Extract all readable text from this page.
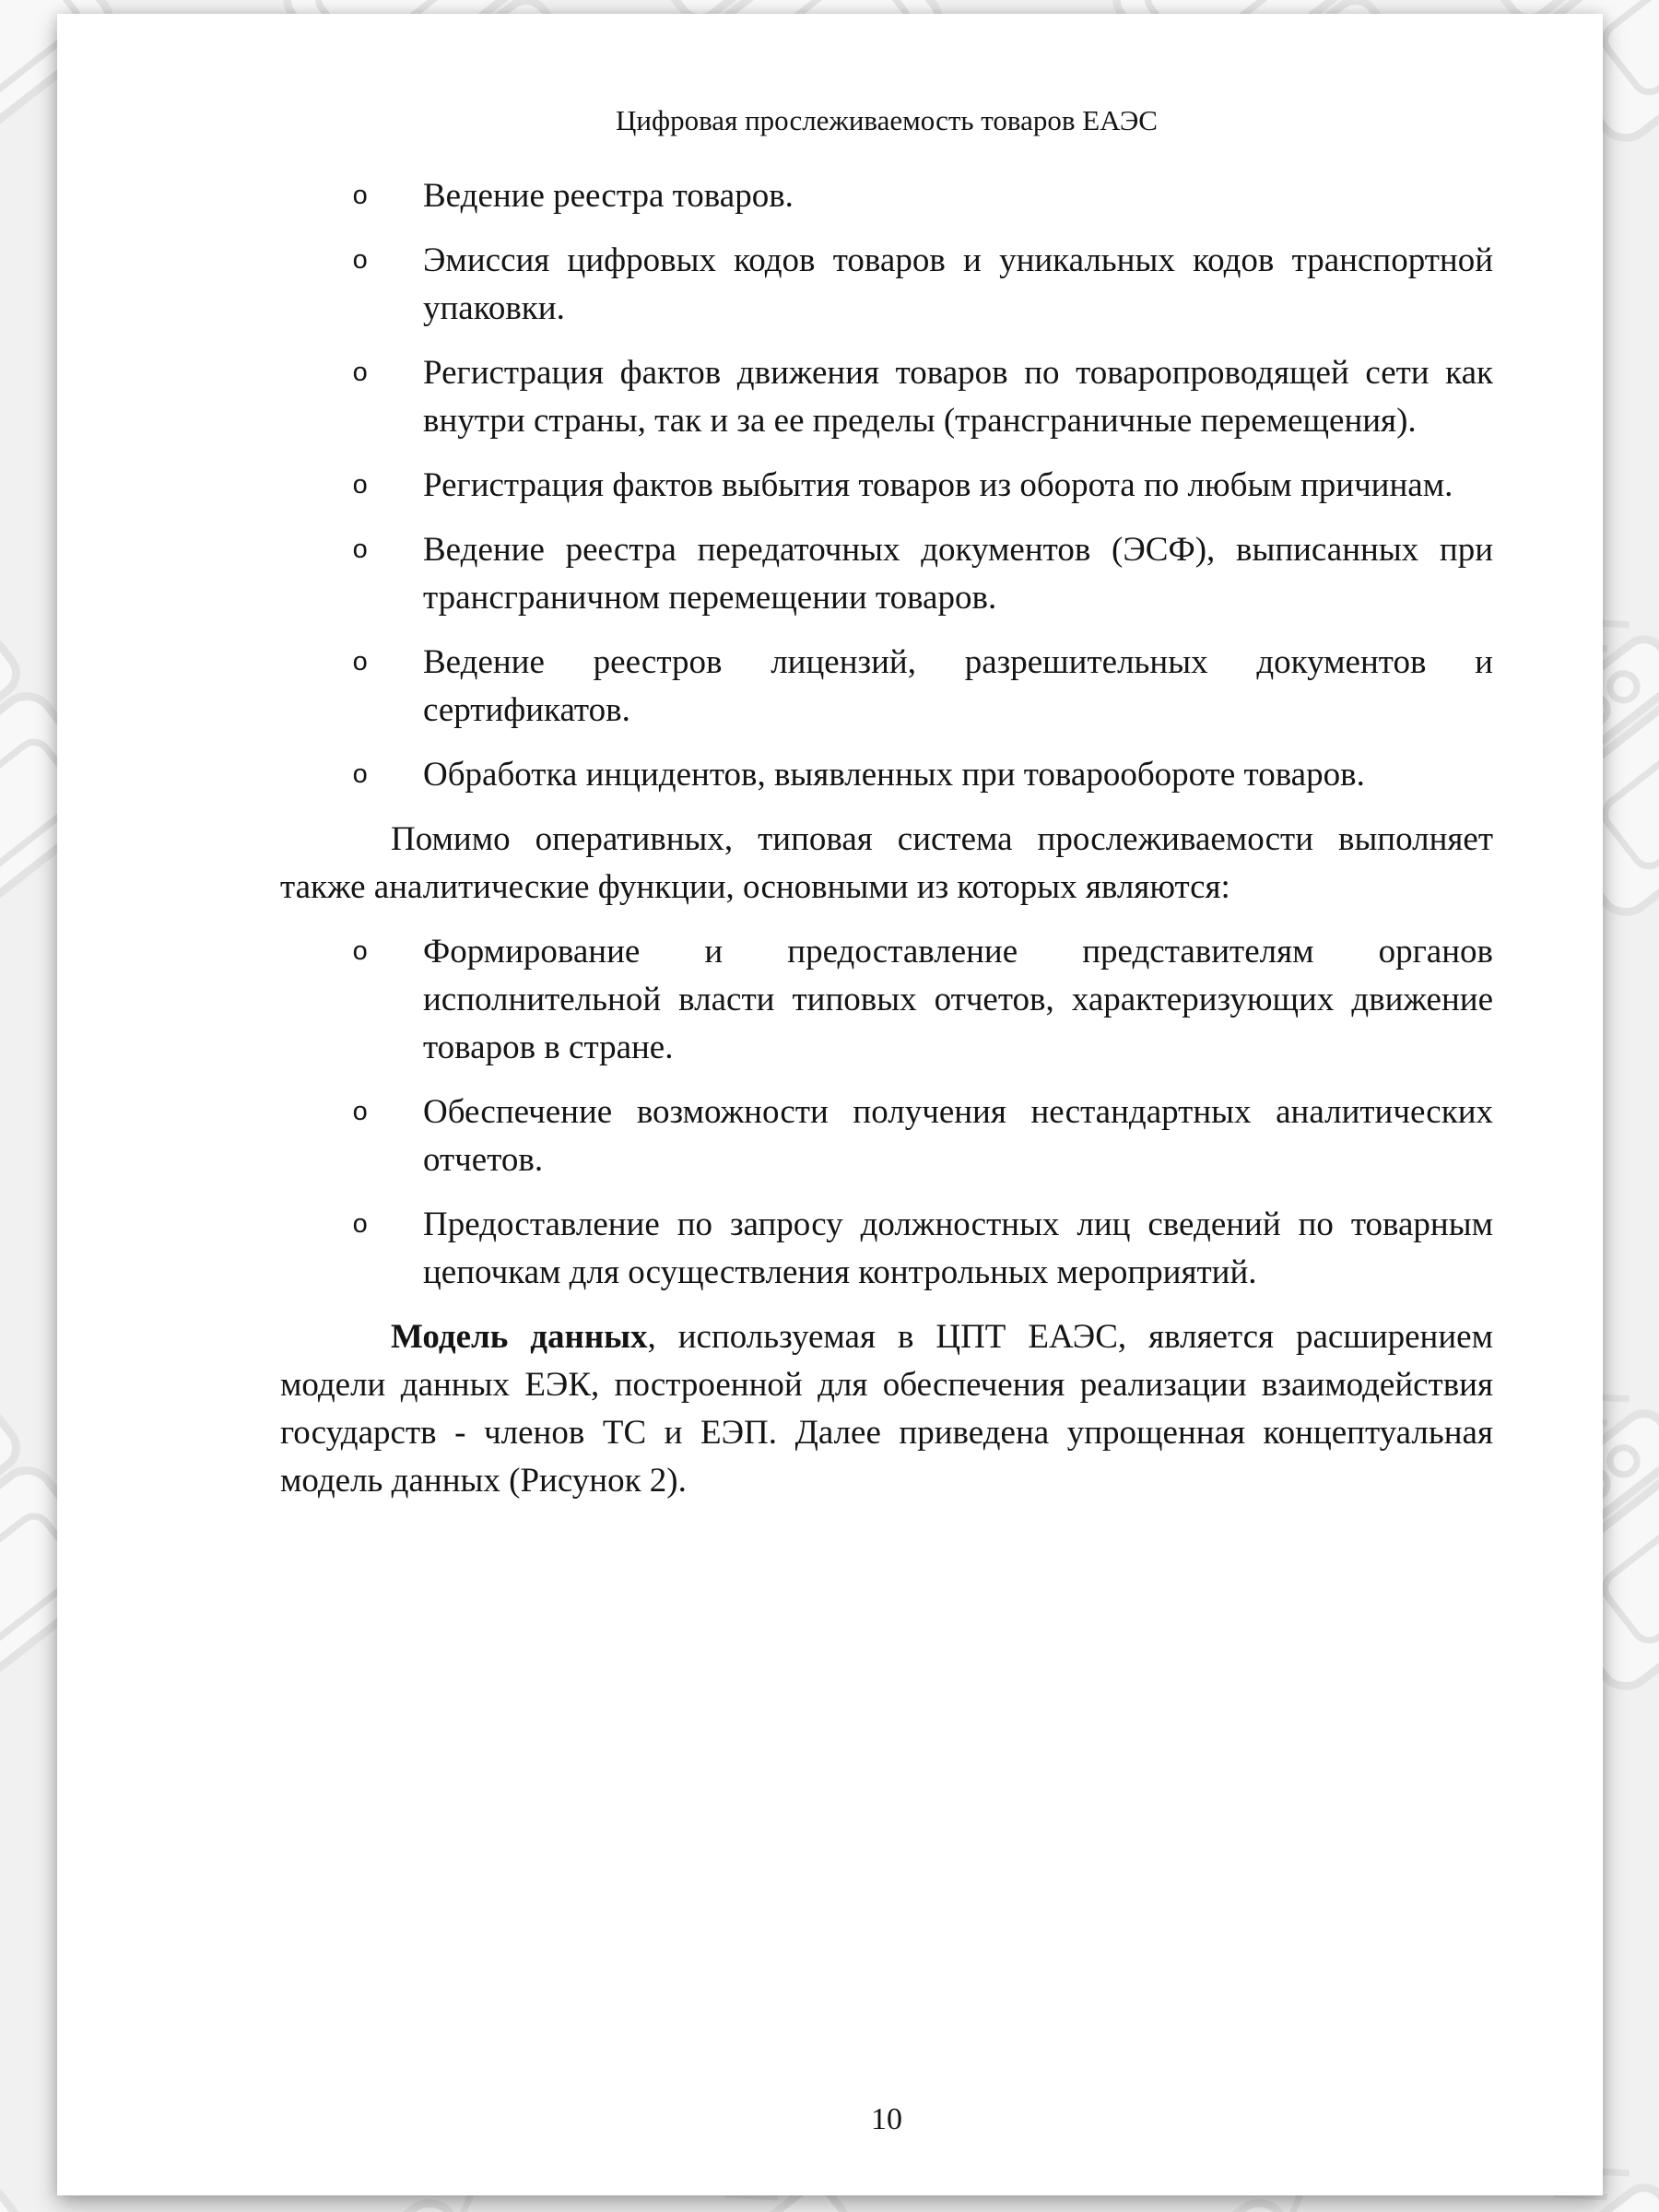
Цифровая прослеживаемость товаров ЕАЭС
o Ведение реестра товаров.
o Эмиссия цифровых кодов товаров и уникальных кодов транспортной упаковки.
o Регистрация фактов движения товаров по товаропроводящей сети как внутри страны, так и за ее пределы (трансграничные перемещения).
o Регистрация фактов выбытия товаров из оборота по любым причинам.
o Ведение реестра передаточных документов (ЭСФ), выписанных при трансграничном перемещении товаров.
o Ведение реестров лицензий, разрешительных документов и сертификатов.
o Обработка инцидентов, выявленных при товарообороте товаров.

Помимо оперативных, типовая система прослеживаемости выполняет также аналитические функции, основными из которых являются:

o Формирование и предоставление представителям органов исполнительной власти типовых отчетов, характеризующих движение товаров в стране.
o Обеспечение возможности получения нестандартных аналитических отчетов.
o Предоставление по запросу должностных лиц сведений по товарным цепочкам для осуществления контрольных мероприятий.

Модель данных, используемая в ЦПТ ЕАЭС, является расширением модели данных ЕЭК, построенной для обеспечения реализации взаимодействия государств - членов ТС и ЕЭП. Далее приведена упрощенная концептуальная модель данных (Рисунок 2).

10
